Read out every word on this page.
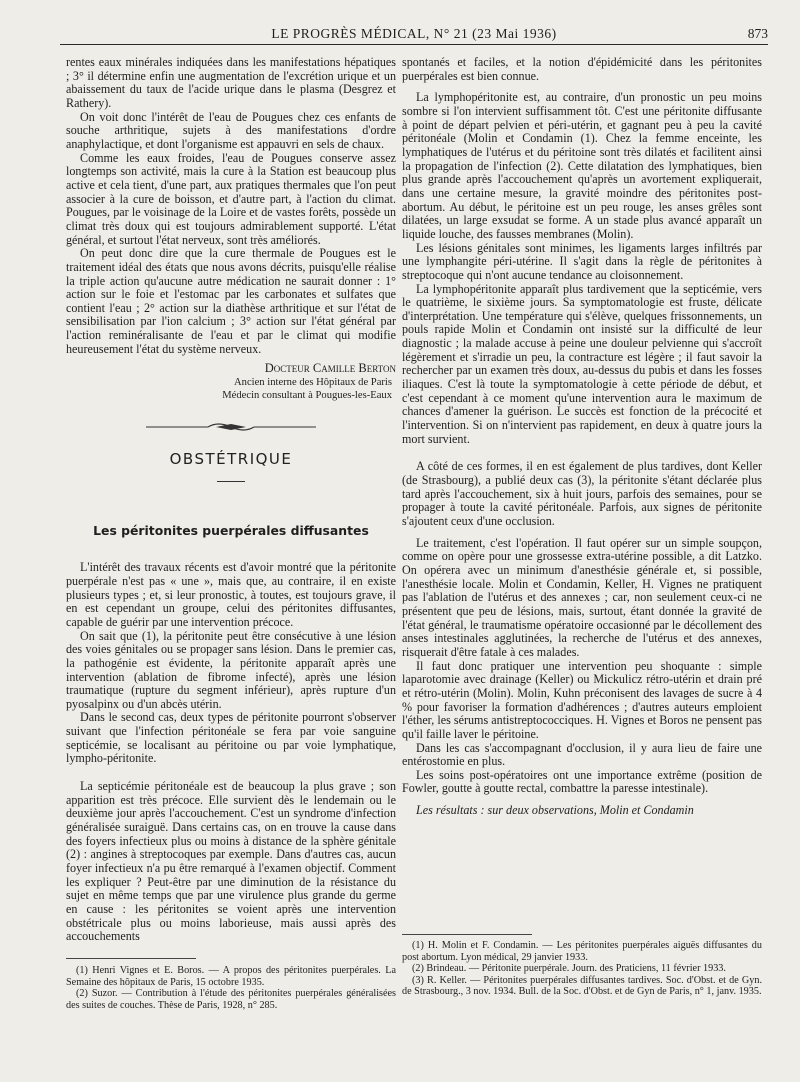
LE PROGRÈS MÉDICAL, N° 21 (23 Mai 1936)	873

rentes eaux minérales indiquées dans les manifestations hépatiques ; 3° il détermine enfin une augmentation de l'excrétion urique et un abaissement du taux de l'acide urique dans le plasma (Desgrez et Rathery).

On voit donc l'intérêt de l'eau de Pougues chez ces enfants de souche arthritique, sujets à des manifestations d'ordre anaphylactique, et dont l'organisme est appauvri en sels de chaux.

Comme les eaux froides, l'eau de Pougues conserve assez longtemps son activité, mais la cure à la Station est beaucoup plus active et cela tient, d'une part, aux pratiques thermales que l'on peut associer à la cure de boisson, et d'autre part, à l'action du climat. Pougues, par le voisinage de la Loire et de vastes forêts, possède un climat très doux qui est toujours admirablement supporté. L'état général, et surtout l'état nerveux, sont très améliorés.

On peut donc dire que la cure thermale de Pougues est le traitement idéal des états que nous avons décrits, puisqu'elle réalise la triple action qu'aucune autre médication ne saurait donner : 1° action sur le foie et l'estomac par les carbonates et sulfates que contient l'eau ; 2° action sur la diathèse arthritique et sur l'état de sensibilisation par l'ion calcium ; 3° action sur l'état général par l'action reminéralisante de l'eau et par le climat qui modifie heureusement l'état du système nerveux.

Docteur Camille Berton
Ancien interne des Hôpitaux de Paris
Médecin consultant à Pougues-les-Eaux
OBSTÉTRIQUE
Les péritonites puerpérales diffusantes

L'intérêt des travaux récents est d'avoir montré que la péritonite puerpérale n'est pas « une », mais que, au contraire, il en existe plusieurs types ; et, si leur pronostic, à toutes, est toujours grave, il en est cependant un groupe, celui des péritonites diffusantes, capable de guérir par une intervention précoce.

On sait que (1), la péritonite peut être consécutive à une lésion des voies génitales ou se propager sans lésion. Dans le premier cas, la pathogénie est évidente, la péritonite apparaît après une intervention (ablation de fibrome infecté), après une lésion traumatique (rupture du segment inférieur), après rupture d'un pyosalpinx ou d'un abcès utérin.

Dans le second cas, deux types de péritonite pourront s'observer suivant que l'infection péritonéale se fera par voie sanguine septicémie, se localisant au péritoine ou par voie lymphatique, lympho-péritonite.

La septicémie péritonéale est de beaucoup la plus grave ; son apparition est très précoce. Elle survient dès le lendemain ou le deuxième jour après l'accouchement. C'est un syndrome d'infection généralisée suraiguë. Dans certains cas, on en trouve la cause dans des foyers infectieux plus ou moins à distance de la sphère génitale (2) : angines à streptocoques par exemple. Dans d'autres cas, aucun foyer infectieux n'a pu être remarqué à l'examen objectif. Comment les expliquer ? Peut-être par une diminution de la résistance du sujet en même temps que par une virulence plus grande du germe en cause : les péritonites se voient après une intervention obstétricale plus ou moins laborieuse, mais aussi après des accouchements

(1) Henri Vignes et E. Boros. — A propos des péritonites puerpérales. La Semaine des hôpitaux de Paris, 15 octobre 1935.

(2) Suzor. — Contribution à l'étude des péritonites puerpérales généralisées des suites de couches. Thèse de Paris, 1928, n° 285.

spontanés et faciles, et la notion d'épidémicité dans les péritonites puerpérales est bien connue.

La lymphopéritonite est, au contraire, d'un pronostic un peu moins sombre si l'on intervient suffisamment tôt. C'est une péritonite diffusante à point de départ pelvien et péri-utérin, et gagnant peu à peu la cavité péritonéale (Molin et Condamin (1). Chez la femme enceinte, les lymphatiques de l'utérus et du péritoine sont très dilatés et facilitent ainsi la propagation de l'infection (2). Cette dilatation des lymphatiques, bien plus grande après l'accouchement qu'après un avortement expliquerait, dans une certaine mesure, la gravité moindre des péritonites post-abortum. Au début, le péritoine est un peu rouge, les anses grêles sont dilatées, un large exsudat se forme. A un stade plus avancé apparaît un liquide louche, des fausses membranes (Molin).

Les lésions génitales sont minimes, les ligaments larges infiltrés par une lymphangite péri-utérine. Il s'agit dans la règle de péritonites à streptocoque qui n'ont aucune tendance au cloisonnement.

La lymphopéritonite apparaît plus tardivement que la septicémie, vers le quatrième, le sixième jours. Sa symptomatologie est fruste, délicate d'interprétation. Une température qui s'élève, quelques frissonnements, un pouls rapide Molin et Condamin ont insisté sur la difficulté de leur diagnostic ; la malade accuse à peine une douleur pelvienne qui s'accroît légèrement et s'irradie un peu, la contracture est légère ; il faut savoir la rechercher par un examen très doux, au-dessus du pubis et dans les fosses iliaques. C'est là toute la symptomatologie à cette période de début, et c'est cependant à ce moment qu'une intervention aura le maximum de chances d'amener la guérison. Le succès est fonction de la précocité et l'intervention. Si on n'intervient pas rapidement, en deux à quatre jours la mort survient.

A côté de ces formes, il en est également de plus tardives, dont Keller (de Strasbourg), a publié deux cas (3), la péritonite s'étant déclarée plus tard après l'accouchement, six à huit jours, parfois des semaines, pour se propager à toute la cavité péritonéale. Parfois, aux signes de péritonite s'ajoutent ceux d'une occlusion.

Le traitement, c'est l'opération. Il faut opérer sur un simple soupçon, comme on opère pour une grossesse extra-utérine possible, a dit Latzko. On opérera avec un minimum d'anesthésie générale et, si possible, l'anesthésie locale. Molin et Condamin, Keller, H. Vignes ne pratiquent pas l'ablation de l'utérus et des annexes ; car, non seulement ceux-ci ne présentent que peu de lésions, mais, surtout, étant donnée la gravité de l'état général, le traumatisme opératoire occasionné par le décollement des anses intestinales agglutinées, la recherche de l'utérus et des annexes, risquerait d'être fatale à ces malades.

Il faut donc pratiquer une intervention peu shoquante : simple laparotomie avec drainage (Keller) ou Mickulicz rétro-utérin et drain pré et rétro-utérin (Molin). Molin, Kuhn préconisent des lavages de sucre à 4 % pour favoriser la formation d'adhérences ; d'autres auteurs emploient l'éther, les sérums antistreptococciques. H. Vignes et Boros ne pensent pas qu'il faille laver le péritoine.

Dans les cas s'accompagnant d'occlusion, il y aura lieu de faire une entérostomie en plus.

Les soins post-opératoires ont une importance extrême (position de Fowler, goutte à goutte rectal, combattre la paresse intestinale).

Les résultats : sur deux observations, Molin et Condamin

(1) H. Molin et F. Condamin. — Les péritonites puerpérales aiguës diffusantes du post abortum. Lyon médical, 29 janvier 1933.

(2) Brindeau. — Péritonite puerpérale. Journ. des Praticiens, 11 février 1933.

(3) R. Keller. — Péritonites puerpérales diffusantes tardives. Soc. d'Obst. et de Gyn. de Strasbourg., 3 nov. 1934. Bull. de la Soc. d'Obst. et de Gyn de Paris, n° 1, janv. 1935.
